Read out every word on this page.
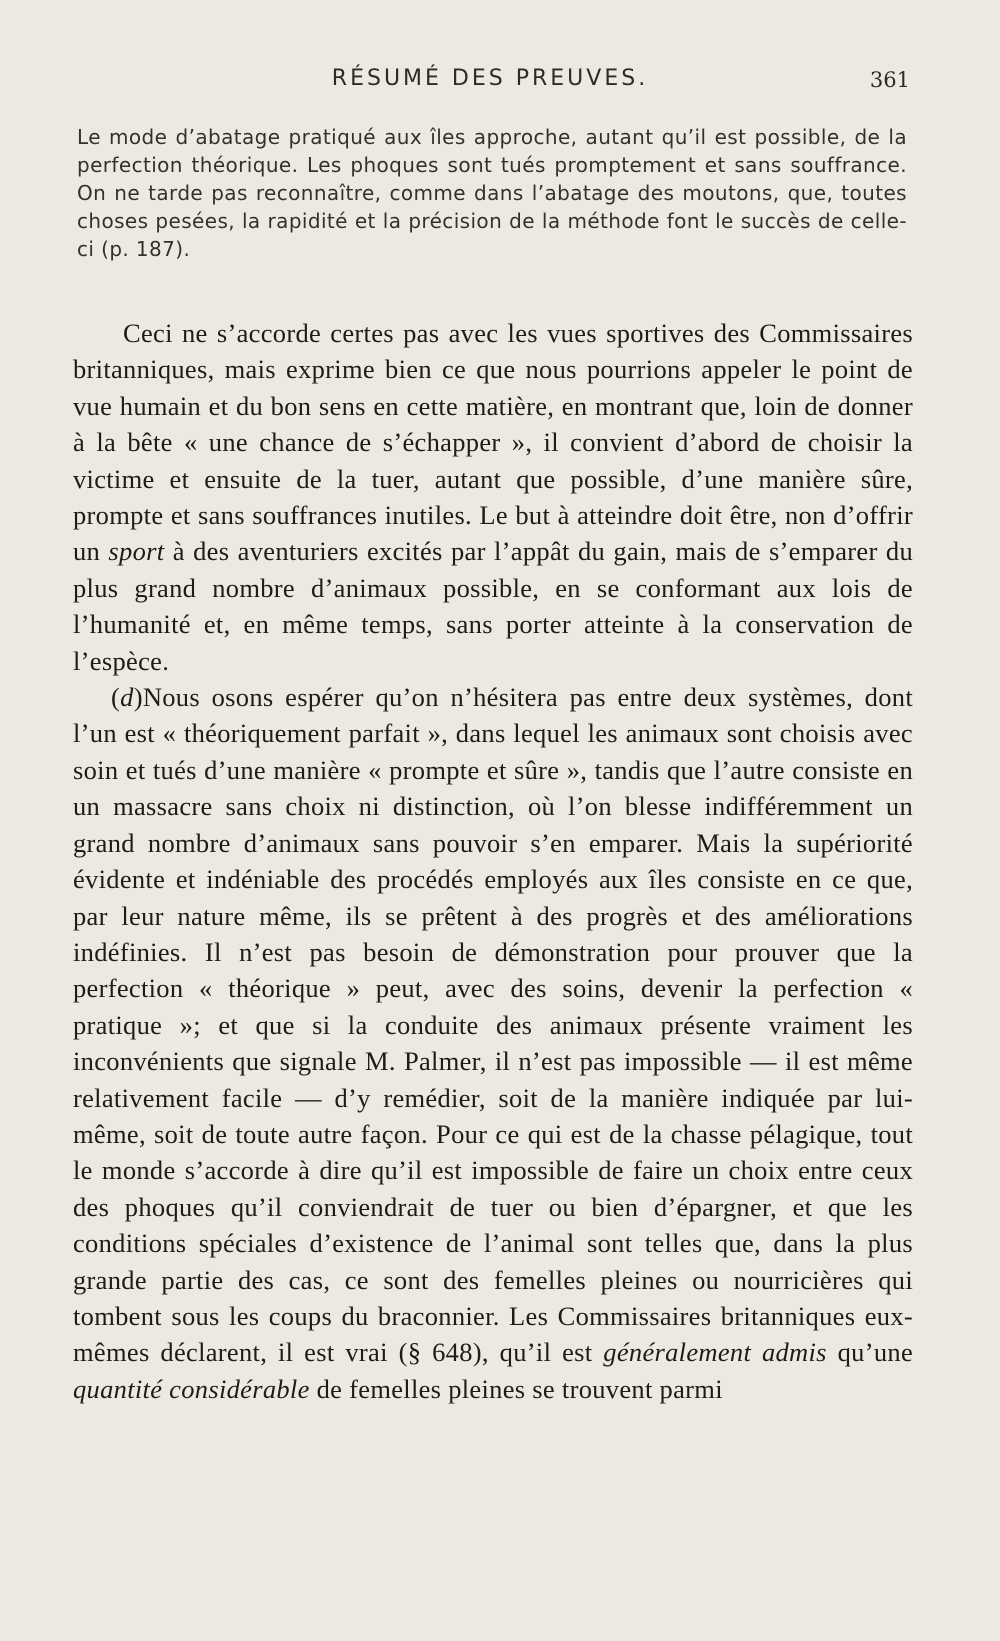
RÉSUMÉ DES PREUVES.	361

Le mode d’abatage pratiqué aux îles approche, autant qu’il est possible, de la perfection théorique. Les phoques sont tués promptement et sans souffrance. On ne tarde pas reconnaître, comme dans l’abatage des moutons, que, toutes choses pesées, la rapidité et la précision de la méthode font le succès de celle-ci (p. 187).

Ceci ne s’accorde certes pas avec les vues sportives des Commissaires britanniques, mais exprime bien ce que nous pourrions appeler le point de vue humain et du bon sens en cette matière, en montrant que, loin de donner à la bête « une chance de s’échapper », il convient d’abord de choisir la victime et ensuite de la tuer, autant que possible, d’une manière sûre, prompte et sans souffrances inutiles. Le but à atteindre doit être, non d’offrir un sport à des aventuriers excités par l’appât du gain, mais de s’emparer du plus grand nombre d’animaux possible, en se conformant aux lois de l’humanité et, en même temps, sans porter atteinte à la conservation de l’espèce.

(d)Nous osons espérer qu’on n’hésitera pas entre deux systèmes, dont l’un est « théoriquement parfait », dans lequel les animaux sont choisis avec soin et tués d’une manière « prompte et sûre », tandis que l’autre consiste en un massacre sans choix ni distinction, où l’on blesse indifféremment un grand nombre d’animaux sans pouvoir s’en emparer. Mais la supériorité évidente et indéniable des procédés employés aux îles consiste en ce que, par leur nature même, ils se prêtent à des progrès et des améliorations indéfinies. Il n’est pas besoin de démonstration pour prouver que la perfection « théorique » peut, avec des soins, devenir la perfection « pratique »; et que si la conduite des animaux présente vraiment les inconvénients que signale M. Palmer, il n’est pas impossible — il est même relativement facile — d’y remédier, soit de la manière indiquée par lui-même, soit de toute autre façon. Pour ce qui est de la chasse pélagique, tout le monde s’accorde à dire qu’il est impossible de faire un choix entre ceux des phoques qu’il conviendrait de tuer ou bien d’épargner, et que les conditions spéciales d’existence de l’animal sont telles que, dans la plus grande partie des cas, ce sont des femelles pleines ou nourricières qui tombent sous les coups du braconnier. Les Commissaires britanniques eux-mêmes déclarent, il est vrai (§ 648), qu’il est généralement admis qu’une quantité considérable de femelles pleines se trouvent parmi
